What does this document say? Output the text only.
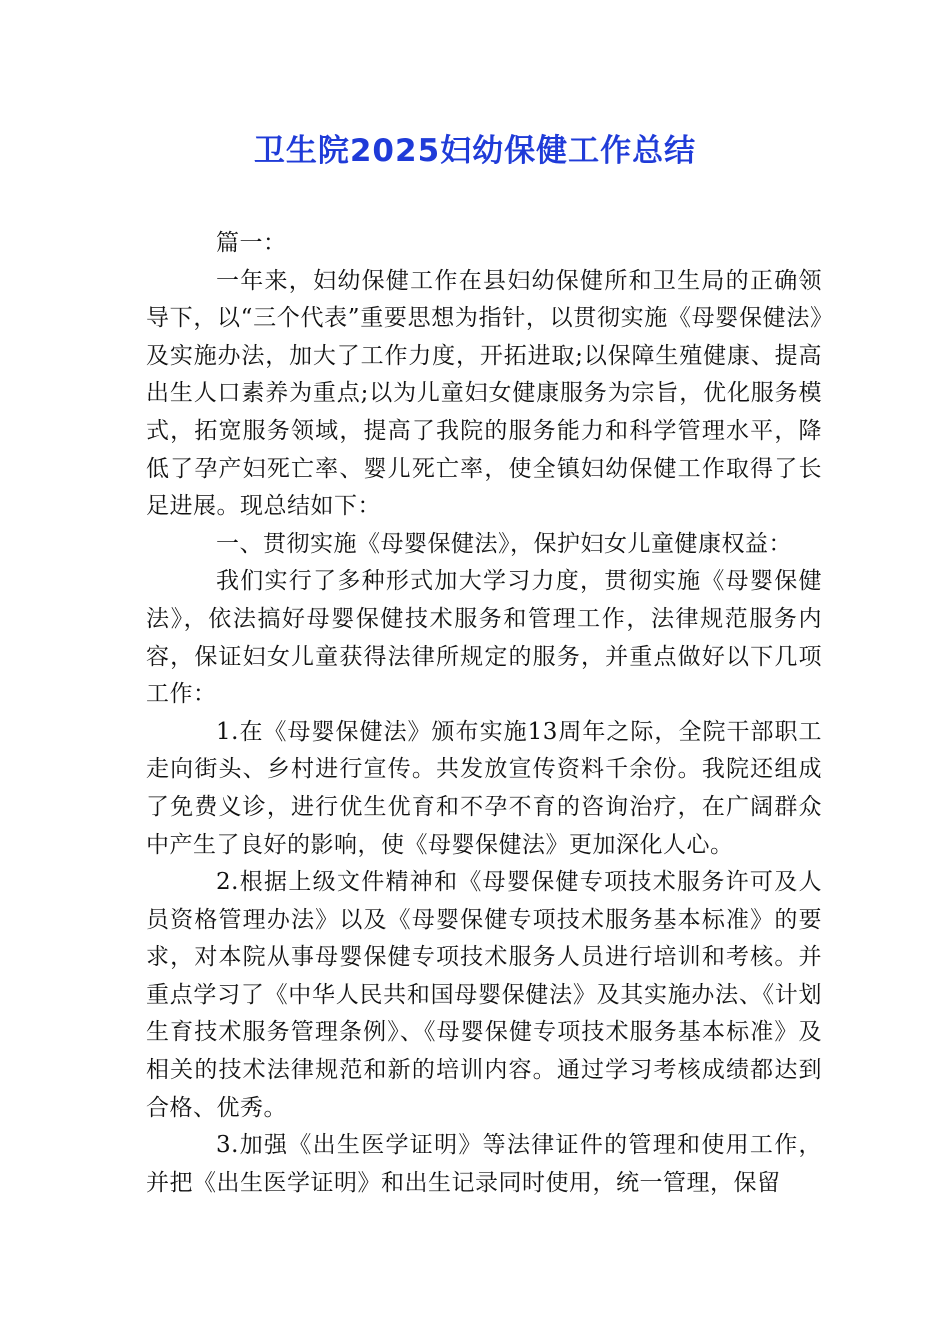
卫生院2025妇幼保健工作总结

篇一：

一年来，妇幼保健工作在县妇幼保健所和卫生局的正确领导下，以“三个代表”重要思想为指针，以贯彻实施《母婴保健法》及实施办法，加大了工作力度，开拓进取;以保障生殖健康、提高出生人口素养为重点;以为儿童妇女健康服务为宗旨，优化服务模式，拓宽服务领域，提高了我院的服务能力和科学管理水平，降低了孕产妇死亡率、婴儿死亡率，使全镇妇幼保健工作取得了长足进展。现总结如下：

一、贯彻实施《母婴保健法》，保护妇女儿童健康权益：

我们实行了多种形式加大学习力度，贯彻实施《母婴保健法》，依法搞好母婴保健技术服务和管理工作，法律规范服务内容，保证妇女儿童获得法律所规定的服务，并重点做好以下几项工作：

1.在《母婴保健法》颁布实施13周年之际，全院干部职工走向街头、乡村进行宣传。共发放宣传资料千余份。我院还组成了免费义诊，进行优生优育和不孕不育的咨询治疗，在广阔群众中产生了良好的影响，使《母婴保健法》更加深化人心。

2.根据上级文件精神和《母婴保健专项技术服务许可及人员资格管理办法》以及《母婴保健专项技术服务基本标准》的要求，对本院从事母婴保健专项技术服务人员进行培训和考核。并重点学习了《中华人民共和国母婴保健法》及其实施办法、《计划生育技术服务管理条例》、《母婴保健专项技术服务基本标准》及相关的技术法律规范和新的培训内容。通过学习考核成绩都达到合格、优秀。

3.加强《出生医学证明》等法律证件的管理和使用工作，并把《出生医学证明》和出生记录同时使用，统一管理，保留
